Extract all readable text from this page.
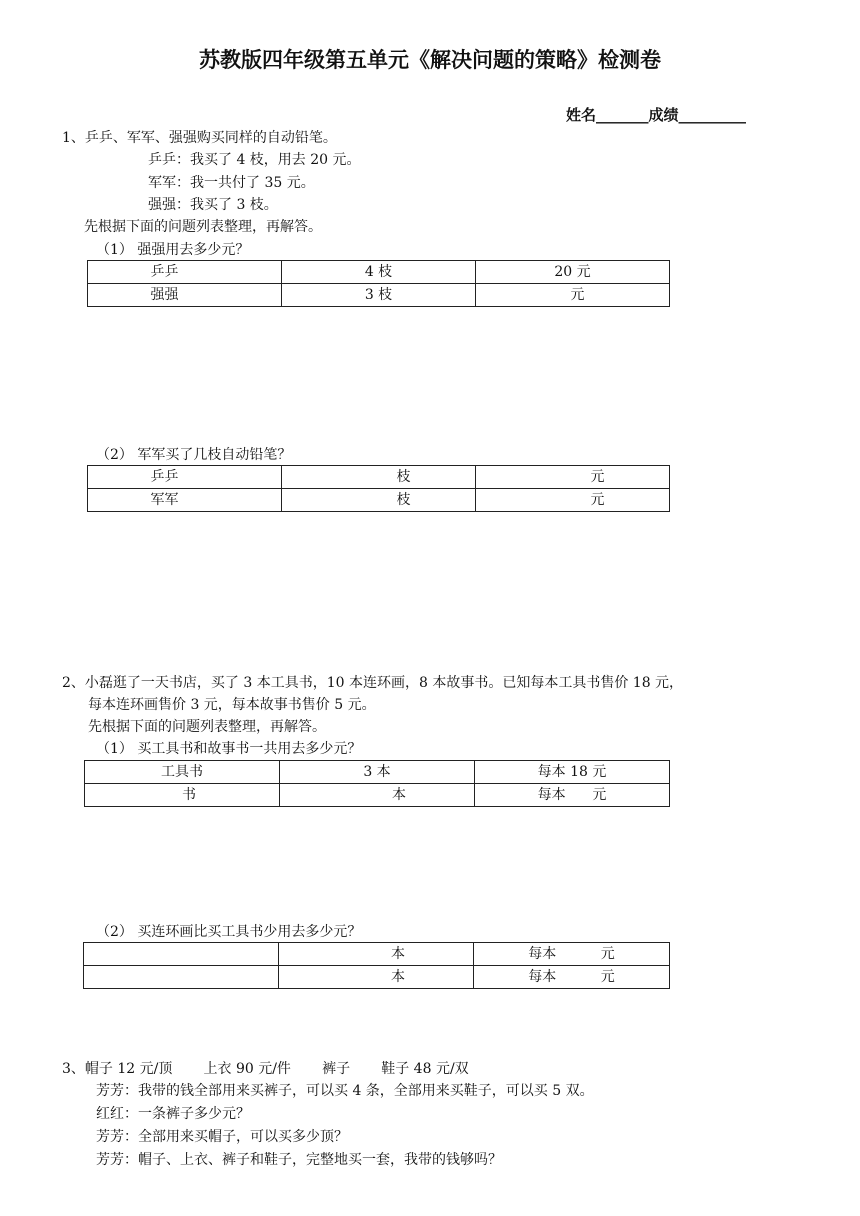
苏教版四年级第五单元《解决问题的策略》检测卷
姓名_______成绩_________
1、乒乒、军军、强强购买同样的自动铅笔。
乒乒：我买了 4 枝，用去 20 元。
军军：我一共付了 35 元。
强强：我买了 3 枝。
先根据下面的问题列表整理，再解答。
（1） 强强用去多少元？
乒乒	4 枝	20 元
强强	3 枝	元
（2） 军军买了几枝自动铅笔？
乒乒	枝	元
军军	枝	元
2、小磊逛了一天书店，买了 3 本工具书，10 本连环画，8 本故事书。已知每本工具书售价 18 元，
每本连环画售价 3 元，每本故事书售价 5 元。
先根据下面的问题列表整理，再解答。
（1） 买工具书和故事书一共用去多少元？
工具书	3 本	每本 18 元
书	本	每本      元
（2） 买连环画比买工具书少用去多少元？
	本	每本          元
	本	每本          元
3、帽子 12 元/顶       上衣 90 元/件       裤子       鞋子 48 元/双
芳芳：我带的钱全部用来买裤子，可以买 4 条，全部用来买鞋子，可以买 5 双。
红红：一条裤子多少元？
芳芳：全部用来买帽子，可以买多少顶？
芳芳：帽子、上衣、裤子和鞋子，完整地买一套，我带的钱够吗？
